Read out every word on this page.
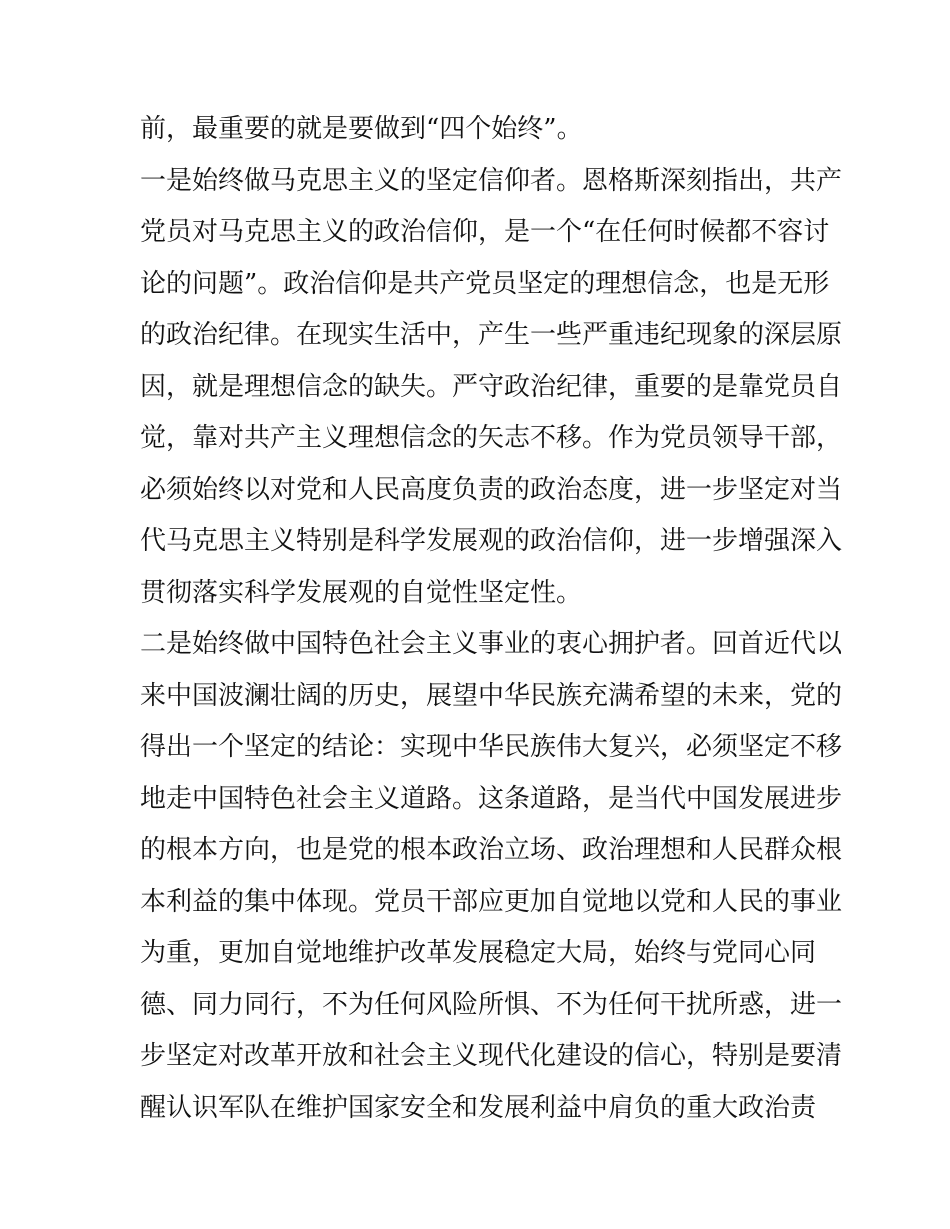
前，最重要的就是要做到“四个始终”。
一是始终做马克思主义的坚定信仰者。恩格斯深刻指出，共产
党员对马克思主义的政治信仰，是一个“在任何时候都不容讨
论的问题”。政治信仰是共产党员坚定的理想信念，也是无形
的政治纪律。在现实生活中，产生一些严重违纪现象的深层原
因，就是理想信念的缺失。严守政治纪律，重要的是靠党员自
觉，靠对共产主义理想信念的矢志不移。作为党员领导干部，
必须始终以对党和人民高度负责的政治态度，进一步坚定对当
代马克思主义特别是科学发展观的政治信仰，进一步增强深入
贯彻落实科学发展观的自觉性坚定性。
二是始终做中国特色社会主义事业的衷心拥护者。回首近代以
来中国波澜壮阔的历史，展望中华民族充满希望的未来，党的
得出一个坚定的结论：实现中华民族伟大复兴，必须坚定不移
地走中国特色社会主义道路。这条道路，是当代中国发展进步
的根本方向，也是党的根本政治立场、政治理想和人民群众根
本利益的集中体现。党员干部应更加自觉地以党和人民的事业
为重，更加自觉地维护改革发展稳定大局，始终与党同心同
德、同力同行，不为任何风险所惧、不为任何干扰所惑，进一
步坚定对改革开放和社会主义现代化建设的信心，特别是要清
醒认识军队在维护国家安全和发展利益中肩负的重大政治责
